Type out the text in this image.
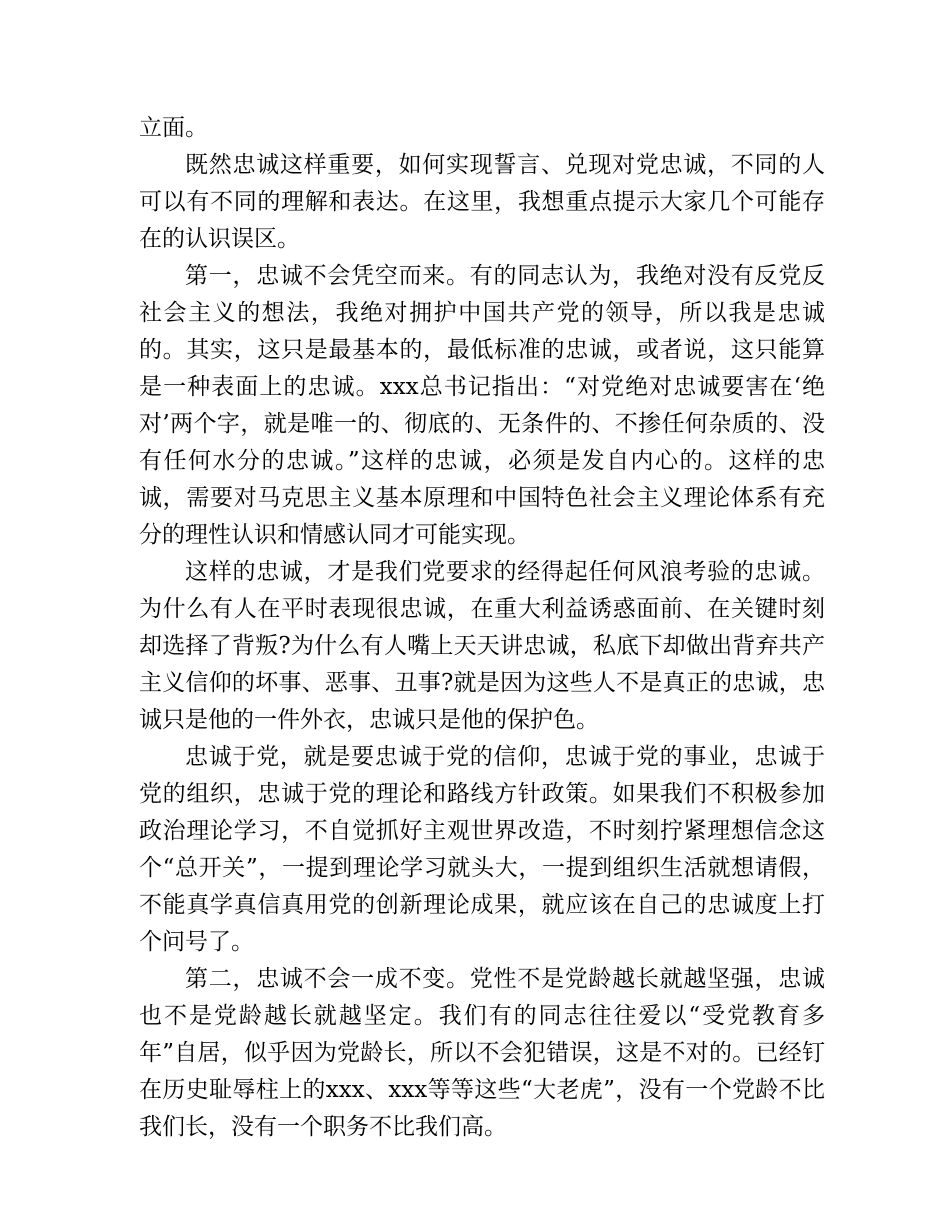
立面。

既然忠诚这样重要，如何实现誓言、兑现对党忠诚，不同的人可以有不同的理解和表达。在这里，我想重点提示大家几个可能存在的认识误区。

第一，忠诚不会凭空而来。有的同志认为，我绝对没有反党反社会主义的想法，我绝对拥护中国共产党的领导，所以我是忠诚的。其实，这只是最基本的，最低标准的忠诚，或者说，这只能算是一种表面上的忠诚。xxx总书记指出：“对党绝对忠诚要害在‘绝对’两个字，就是唯一的、彻底的、无条件的、不掺任何杂质的、没有任何水分的忠诚。”这样的忠诚，必须是发自内心的。这样的忠诚，需要对马克思主义基本原理和中国特色社会主义理论体系有充分的理性认识和情感认同才可能实现。

这样的忠诚，才是我们党要求的经得起任何风浪考验的忠诚。为什么有人在平时表现很忠诚，在重大利益诱惑面前、在关键时刻却选择了背叛?为什么有人嘴上天天讲忠诚，私底下却做出背弃共产主义信仰的坏事、恶事、丑事?就是因为这些人不是真正的忠诚，忠诚只是他的一件外衣，忠诚只是他的保护色。

忠诚于党，就是要忠诚于党的信仰，忠诚于党的事业，忠诚于党的组织，忠诚于党的理论和路线方针政策。如果我们不积极参加政治理论学习，不自觉抓好主观世界改造，不时刻拧紧理想信念这个“总开关”，一提到理论学习就头大，一提到组织生活就想请假，不能真学真信真用党的创新理论成果，就应该在自己的忠诚度上打个问号了。

第二，忠诚不会一成不变。党性不是党龄越长就越坚强，忠诚也不是党龄越长就越坚定。我们有的同志往往爱以“受党教育多年”自居，似乎因为党龄长，所以不会犯错误，这是不对的。已经钉在历史耻辱柱上的xxx、xxx等等这些“大老虎”，没有一个党龄不比我们长，没有一个职务不比我们高。
